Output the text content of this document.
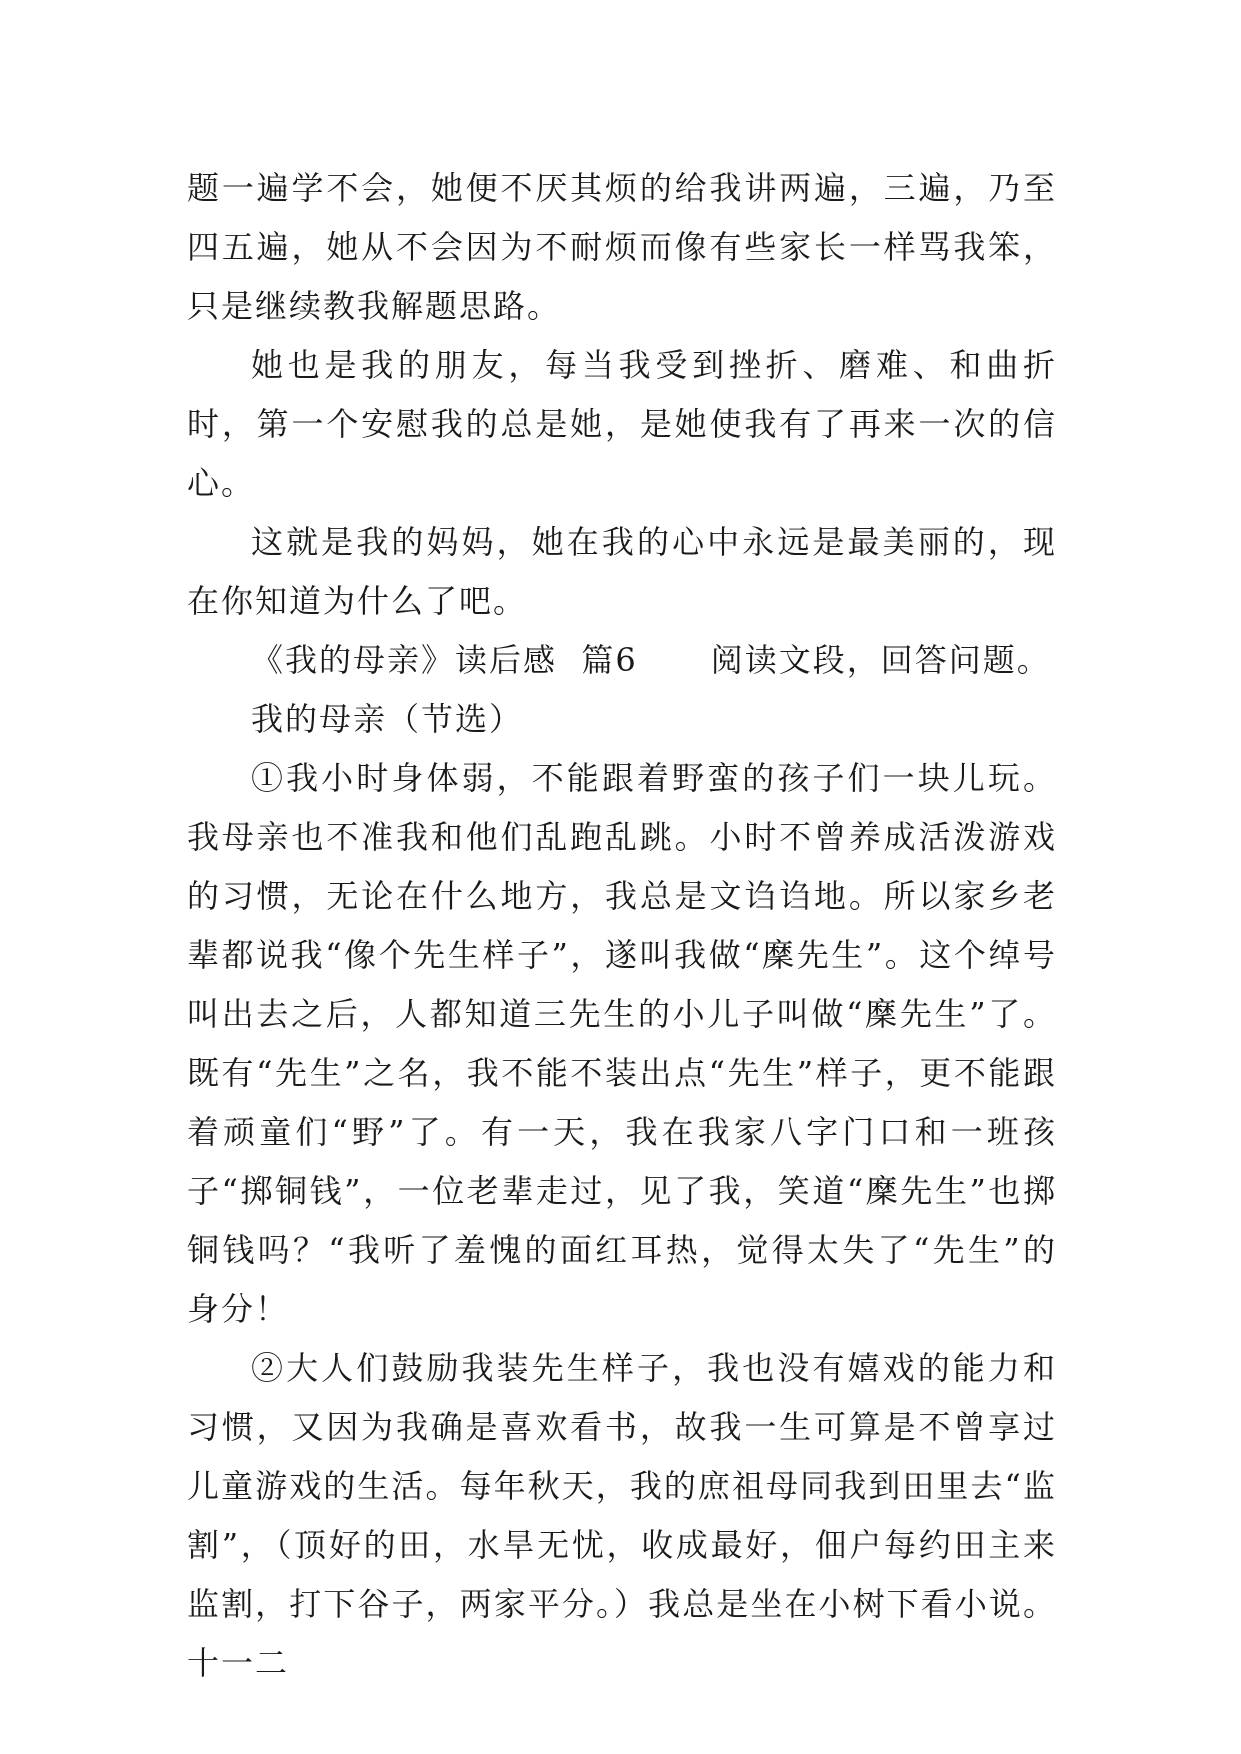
题一遍学不会，她便不厌其烦的给我讲两遍，三遍，乃至四五遍，她从不会因为不耐烦而像有些家长一样骂我笨，只是继续教我解题思路。

她也是我的朋友，每当我受到挫折、磨难、和曲折时，第一个安慰我的总是她，是她使我有了再来一次的信心。

这就是我的妈妈，她在我的心中永远是最美丽的，现在你知道为什么了吧。

《我的母亲》读后感  篇6      阅读文段，回答问题。

我的母亲（节选）

①我小时身体弱，不能跟着野蛮的孩子们一块儿玩。我母亲也不准我和他们乱跑乱跳。小时不曾养成活泼游戏的习惯，无论在什么地方，我总是文诌诌地。所以家乡老辈都说我“像个先生样子”，遂叫我做“穈先生”。这个绰号叫出去之后，人都知道三先生的小儿子叫做“穈先生”了。既有“先生”之名，我不能不装出点“先生”样子，更不能跟着顽童们“野”了。有一天，我在我家八字门口和一班孩子“掷铜钱”，一位老辈走过，见了我，笑道“穈先生”也掷铜钱吗？“我听了羞愧的面红耳热，觉得太失了“先生”的身分！

②大人们鼓励我装先生样子，我也没有嬉戏的能力和习惯，又因为我确是喜欢看书，故我一生可算是不曾享过儿童游戏的生活。每年秋天，我的庶祖母同我到田里去“监割”，（顶好的田，水旱无忧，收成最好，佃户每约田主来监割，打下谷子，两家平分。）我总是坐在小树下看小说。十一二
